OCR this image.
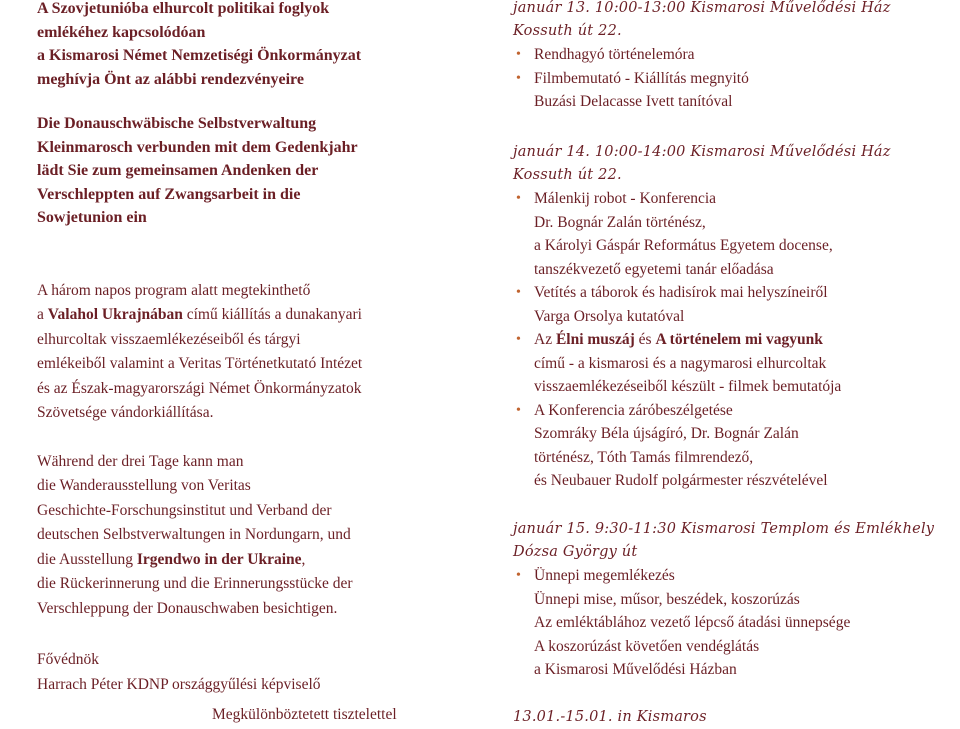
A Szovjetunióba elhurcolt politikai foglyok
emlékéhez kapcsolódóan
a Kismarosi Német Nemzetiségi Önkormányzat
meghívja Önt az alábbi rendezvényeire
Die Donauschwäbische Selbstverwaltung
Kleinmarosch verbunden mit dem Gedenkjahr
lädt Sie zum gemeinsamen Andenken der
Verschleppten auf Zwangsarbeit in die
Sowjetunion ein

A három napos program alatt megtekinthető

a Valahol Ukrajnában című kiállítás a dunakanyari

elhurcoltak visszaemlékezéseiből és tárgyi

emlékeiből valamint a Veritas Történetkutató Intézet

és az Észak-magyarországi Német Önkormányzatok

Szövetsége vándorkiállítása.

Während der drei Tage kann man

die Wanderausstellung von Veritas

Geschichte-Forschungsinstitut und Verband der

deutschen Selbstverwaltungen in Nordungarn, und

die Ausstellung Irgendwo in der Ukraine,

die Rückerinnerung und die Erinnerungsstücke der

Verschleppung der Donauschwaben besichtigen.

Fővédnök

Harrach Péter KDNP országgyűlési képviselő

Megkülönböztetett tisztelettel

január 13. 10:00-13:00 Kismarosi Művelődési Ház

Kossuth út 22.

• Rendhagyó történelemóra
• Filmbemutató - Kiállítás megnyitó
Buzási Delacasse Ivett tanítóval

január 14. 10:00-14:00 Kismarosi Művelődési Ház

Kossuth út 22.

• Málenkij robot - Konferencia
Dr. Bognár Zalán történész,
a Károlyi Gáspár Református Egyetem docense,
tanszékvezető egyetemi tanár előadása
• Vetítés a táborok és hadisírok mai helyszíneiről
Varga Orsolya kutatóval
• Az Élni muszáj és A történelem mi vagyunk
című - a kismarosi és a nagymarosi elhurcoltak
visszaemlékezéseiből készült - filmek bemutatója
• A Konferencia záróbeszélgetése
Szomráky Béla újságíró, Dr. Bognár Zalán
történész, Tóth Tamás filmrendező,
és Neubauer Rudolf polgármester részvételével

január 15. 9:30-11:30 Kismarosi Templom és Emlékhely

Dózsa György út

• Ünnepi megemlékezés
Ünnepi mise, műsor, beszédek, koszorúzás
Az emléktáblához vezető lépcső átadási ünnepsége
A koszorúzást követően vendéglátás
a Kismarosi Művelődési Házban

13.01.-15.01. in Kismaros
